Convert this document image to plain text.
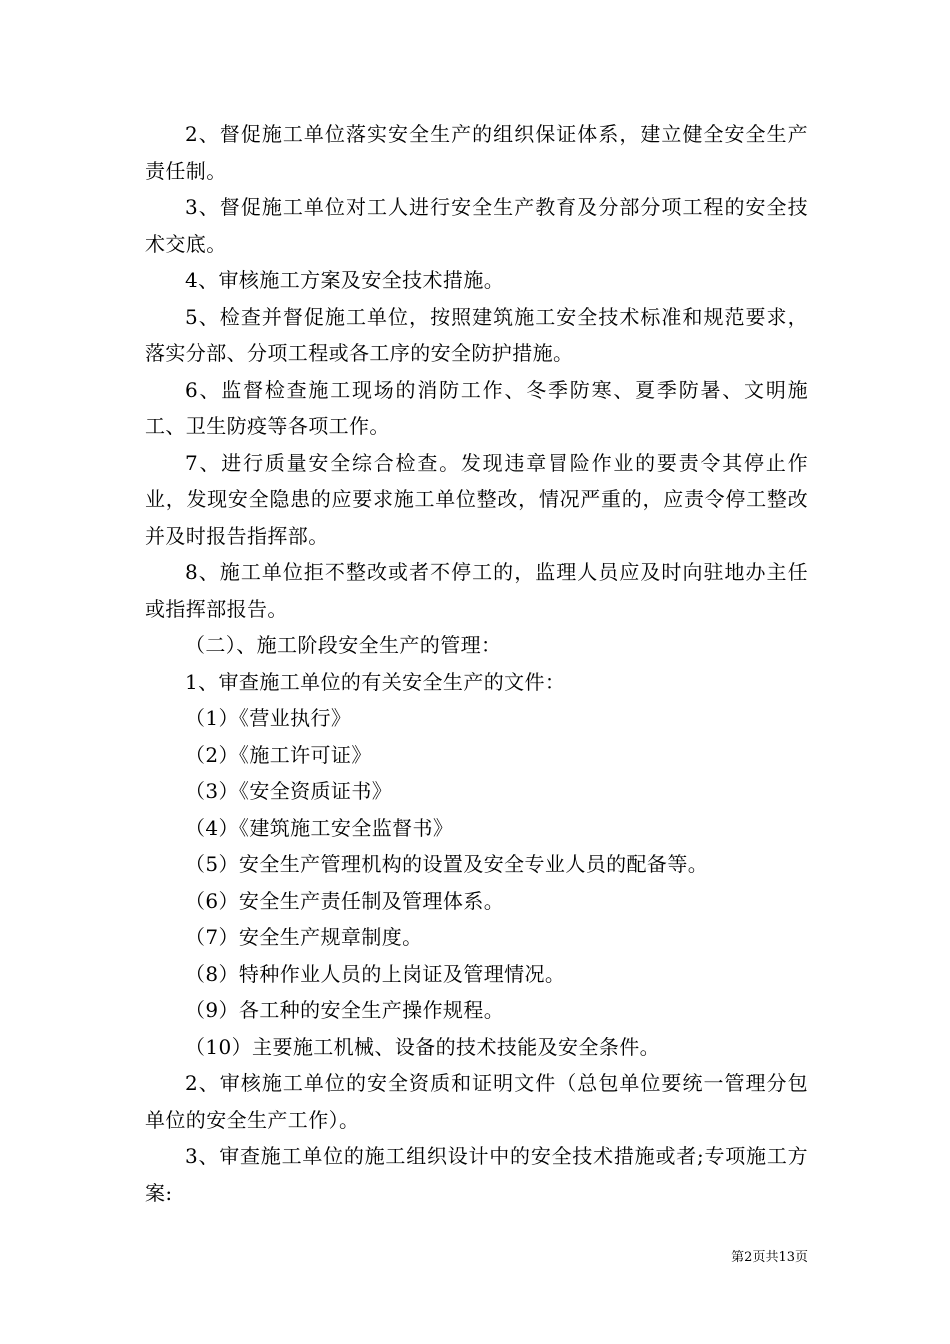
2、督促施工单位落实安全生产的组织保证体系，建立健全安全生产责任制。

3、督促施工单位对工人进行安全生产教育及分部分项工程的安全技术交底。

4、审核施工方案及安全技术措施。

5、检查并督促施工单位，按照建筑施工安全技术标准和规范要求，落实分部、分项工程或各工序的安全防护措施。

6、监督检查施工现场的消防工作、冬季防寒、夏季防暑、文明施工、卫生防疫等各项工作。

7、进行质量安全综合检查。发现违章冒险作业的要责令其停止作业，发现安全隐患的应要求施工单位整改，情况严重的，应责令停工整改并及时报告指挥部。

8、施工单位拒不整改或者不停工的，监理人员应及时向驻地办主任或指挥部报告。

（二）、施工阶段安全生产的管理：

1、审查施工单位的有关安全生产的文件：

（1）《营业执行》

（2）《施工许可证》

（3）《安全资质证书》

（4）《建筑施工安全监督书》

（5）安全生产管理机构的设置及安全专业人员的配备等。

（6）安全生产责任制及管理体系。

（7）安全生产规章制度。

（8）特种作业人员的上岗证及管理情况。

（9）各工种的安全生产操作规程。

（10）主要施工机械、设备的技术技能及安全条件。

2、审核施工单位的安全资质和证明文件（总包单位要统一管理分包单位的安全生产工作）。

3、审查施工单位的施工组织设计中的安全技术措施或者;专项施工方案:

第2页共13页
